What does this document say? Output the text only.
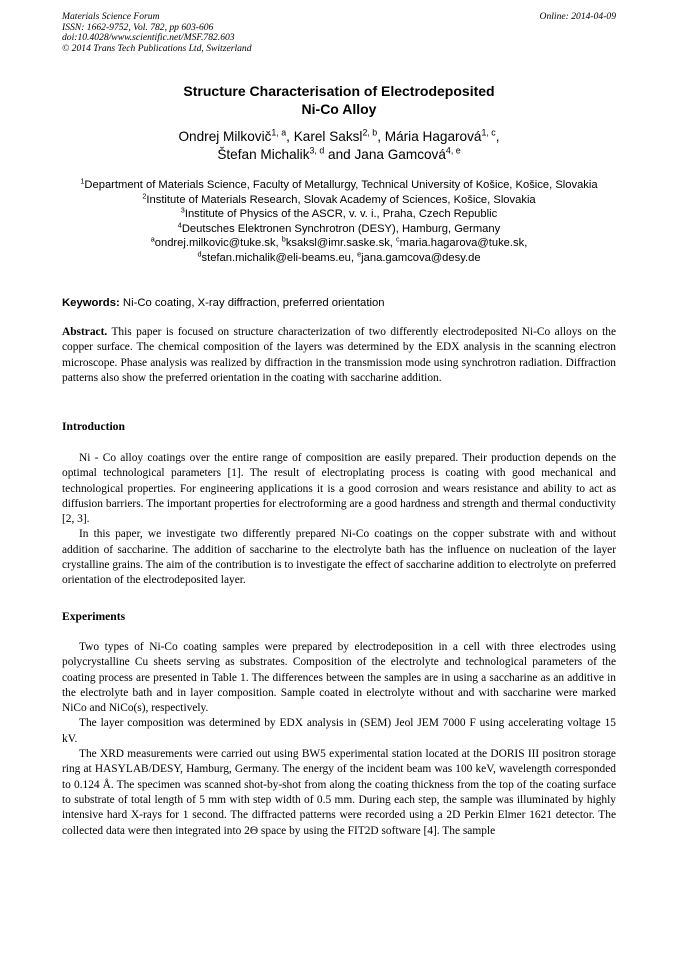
Materials Science Forum
ISSN: 1662-9752, Vol. 782, pp 603-606
doi:10.4028/www.scientific.net/MSF.782.603
© 2014 Trans Tech Publications Ltd, Switzerland
Online: 2014-04-09
Structure Characterisation of Electrodeposited
Ni-Co Alloy
Ondrej Milkovič$^{1, a}$, Karel Saksl$^{2, b}$, Mária Hagarová$^{1, c}$,
Štefan Michalik$^{3, d}$ and Jana Gamcová$^{4, e}$
$^1$Department of Materials Science, Faculty of Metallurgy, Technical University of Košice, Košice, Slovakia
$^2$Institute of Materials Research, Slovak Academy of Sciences, Košice, Slovakia
$^3$Institute of Physics of the ASCR, v. v. i., Praha, Czech Republic
$^4$Deutsches Elektronen Synchrotron (DESY), Hamburg, Germany
$^a$ondrej.milkovic@tuke.sk, $^b$ksaksl@imr.saske.sk, $^c$maria.hagarova@tuke.sk,
$^d$stefan.michalik@eli-beams.eu, $^e$jana.gamcova@desy.de
Keywords: Ni-Co coating, X-ray diffraction, preferred orientation
Abstract. This paper is focused on structure characterization of two differently electrodeposited Ni-Co alloys on the copper surface. The chemical composition of the layers was determined by the EDX analysis in the scanning electron microscope. Phase analysis was realized by diffraction in the transmission mode using synchrotron radiation. Diffraction patterns also show the preferred orientation in the coating with saccharine addition.
Introduction

Ni - Co alloy coatings over the entire range of composition are easily prepared. Their production depends on the optimal technological parameters [1]. The result of electroplating process is coating with good mechanical and technological properties. For engineering applications it is a good corrosion and wears resistance and ability to act as diffusion barriers. The important properties for electroforming are a good hardness and strength and thermal conductivity [2, 3].

In this paper, we investigate two differently prepared Ni-Co coatings on the copper substrate with and without addition of saccharine. The addition of saccharine to the electrolyte bath has the influence on nucleation of the layer crystalline grains. The aim of the contribution is to investigate the effect of saccharine addition to electrolyte on preferred orientation of the electrodeposited layer.

Experiments

Two types of Ni-Co coating samples were prepared by electrodeposition in a cell with three electrodes using polycrystalline Cu sheets serving as substrates. Composition of the electrolyte and technological parameters of the coating process are presented in Table 1. The differences between the samples are in using a saccharine as an additive in the electrolyte bath and in layer composition. Sample coated in electrolyte without and with saccharine were marked NiCo and NiCo(s), respectively.

The layer composition was determined by EDX analysis in (SEM) Jeol JEM 7000 F using accelerating voltage 15 kV.

The XRD measurements were carried out using BW5 experimental station located at the DORIS III positron storage ring at HASYLAB/DESY, Hamburg, Germany. The energy of the incident beam was 100 keV, wavelength corresponded to 0.124 Å. The specimen was scanned shot-by-shot from along the coating thickness from the top of the coating surface to substrate of total length of 5 mm with step width of 0.5 mm. During each step, the sample was illuminated by highly intensive hard X-rays for 1 second. The diffracted patterns were recorded using a 2D Perkin Elmer 1621 detector. The collected data were then integrated into 2Θ space by using the FIT2D software [4]. The sample
